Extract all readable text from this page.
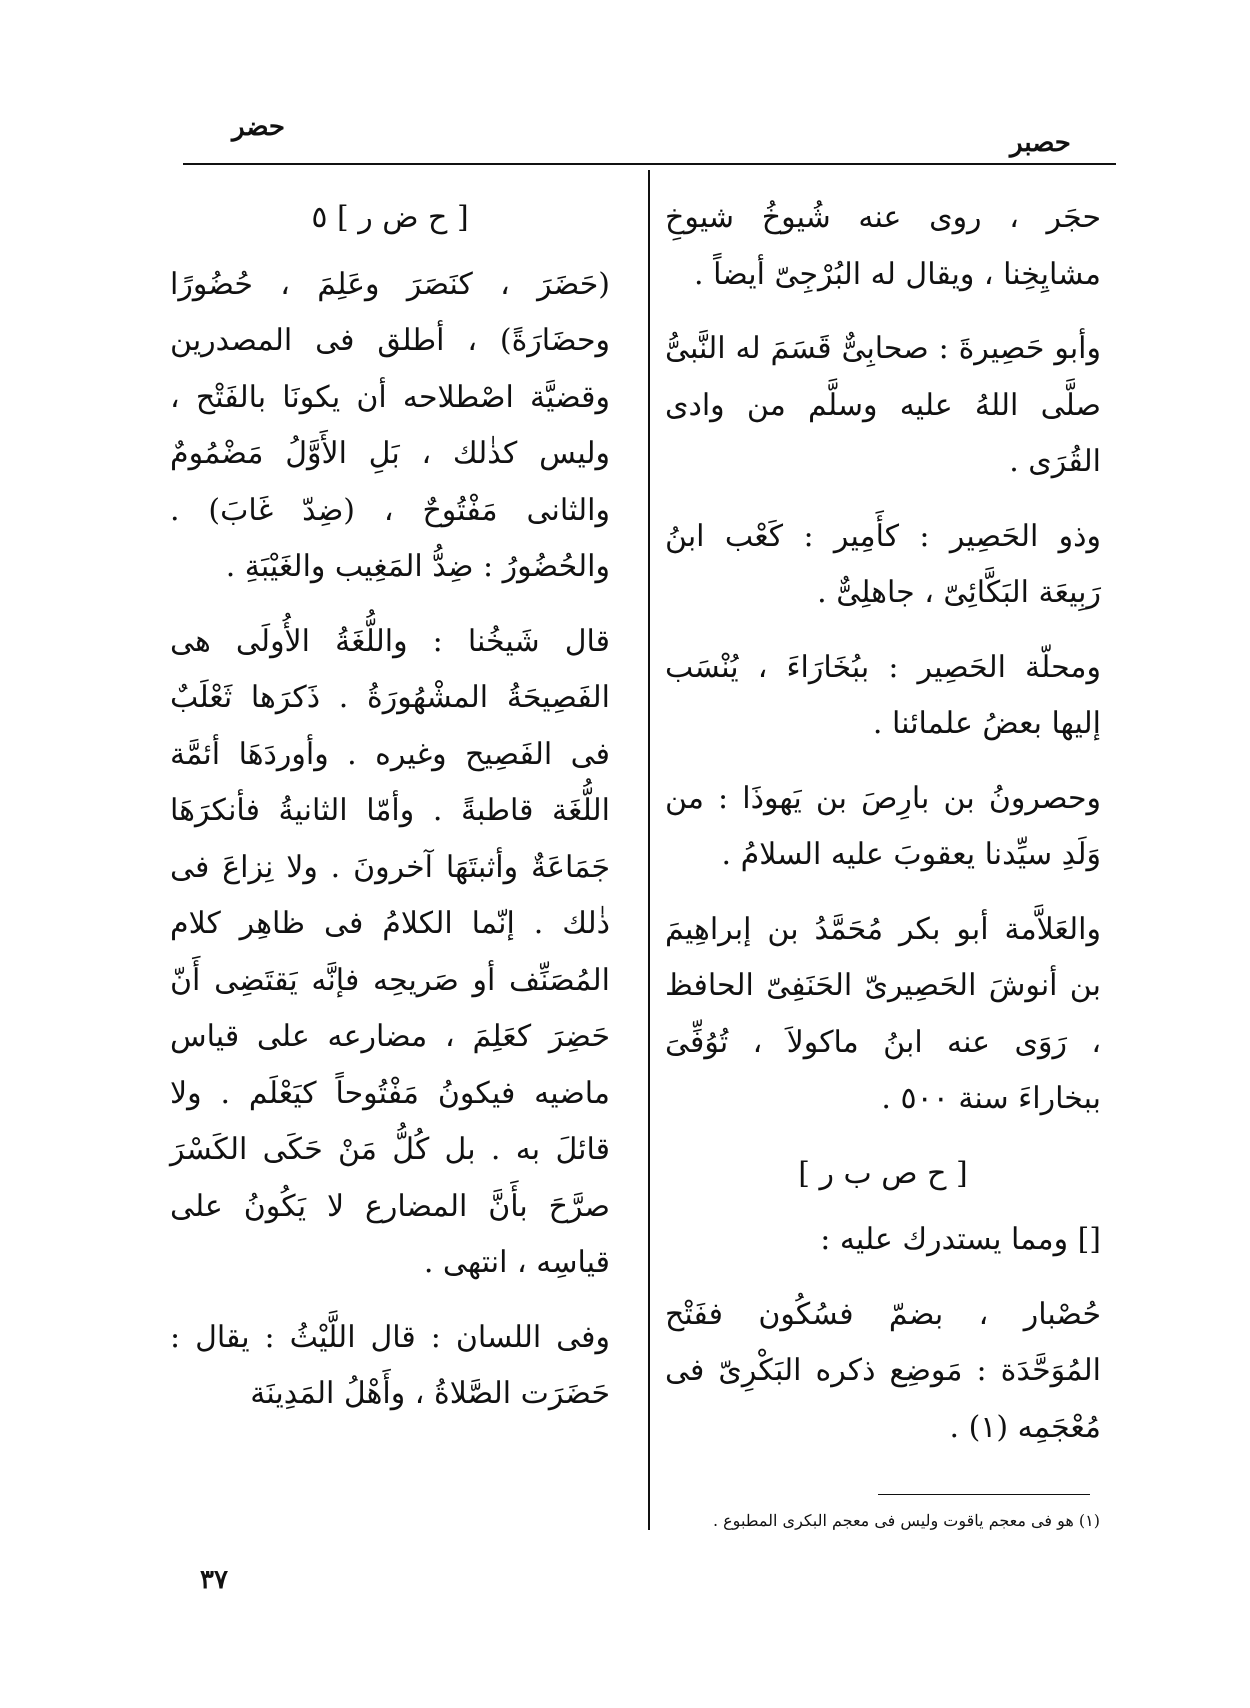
حضر
حصبر

[ ح ض ر ] ٥

(حَضَرَ ، كنَصَرَ وعَلِمَ ، حُضُورًا وحضَارَةً) ، أطلق فى المصدرين وقضيَّة اصْطلاحه أن يكونَا بالفَتْح ، وليس كذٰلك ، بَلِ الأَوَّلُ مَضْمُومٌ والثانى مَفْتُوحٌ ، (ضِدّ غَابَ) . والحُضُورُ : ضِدُّ المَغِيب والغَيْبَةِ .

قال شَيخُنا : واللُّغَةُ الأُولَى هى الفَصِيحَةُ المشْهُورَةُ . ذَكرَها ثَعْلَبٌ فى الفَصِيح وغيره . وأوردَهَا أئمَّة اللُّغَة قاطبةً . وأمّا الثانيةُ فأنكرَهَا جَمَاعَةٌ وأثبتَهَا آخرونَ . ولا نِزاعَ فى ذٰلك . إنّما الكلامُ فى ظاهِر كلام المُصَنِّف أو صَريحِه فإنَّه يَقتَضِى أَنّ حَضِرَ كعَلِمَ ، مضارعه على قياس ماضيه فيكونُ مَفْتُوحاً كيَعْلَم . ولا قائلَ به . بل كُلُّ مَنْ حَكَى الكَسْرَ صرَّحَ بأَنَّ المضارع لا يَكُونُ على قياسِه ، انتهى .

وفى اللسان : قال اللَّيْثُ : يقال : حَضَرَت الصَّلاةُ ، وأَهْلُ المَدِينَة

حجَر ، روى عنه شُيوخُ شيوخِ مشايِخِنا ، ويقال له البُرْجِىّ أيضاً .

وأبو حَصِيرةَ : صحابِىٌّ قَسَمَ له النَّبىُّ صلَّى اللهُ عليه وسلَّم من وادى القُرَى .

وذو الحَصِير : كأَمِير : كَعْب ابنُ رَبِيعَة البَكَّائِىّ ، جاهلِىٌّ .

ومحلّة الحَصِير : ببُخَارَاءَ ، يُنْسَب إليها بعضُ علمائنا .

وحصرونُ بن بارِصَ بن يَهوذَا : من وَلَدِ سيِّدنا يعقوبَ عليه السلامُ .

والعَلاَّمة أبو بكر مُحَمَّدُ بن إبراهِيمَ بن أنوشَ الحَصِيرىّ الحَنَفِىّ الحافظ ، رَوَى عنه ابنُ ماكولاَ ، تُوُفِّىَ ببخاراءَ سنة ٥٠٠ .

[ ح ص ب ر ]

[] ومما يستدرك عليه :

حُصْبار ، بضمّ فسُكُون ففَتْح المُوَحَّدَة : مَوضِع ذكره البَكْرِىّ فى مُعْجَمِه (١) .

(١) هو فى معجم ياقوت وليس فى معجم البكرى المطبوع .
٣٧
